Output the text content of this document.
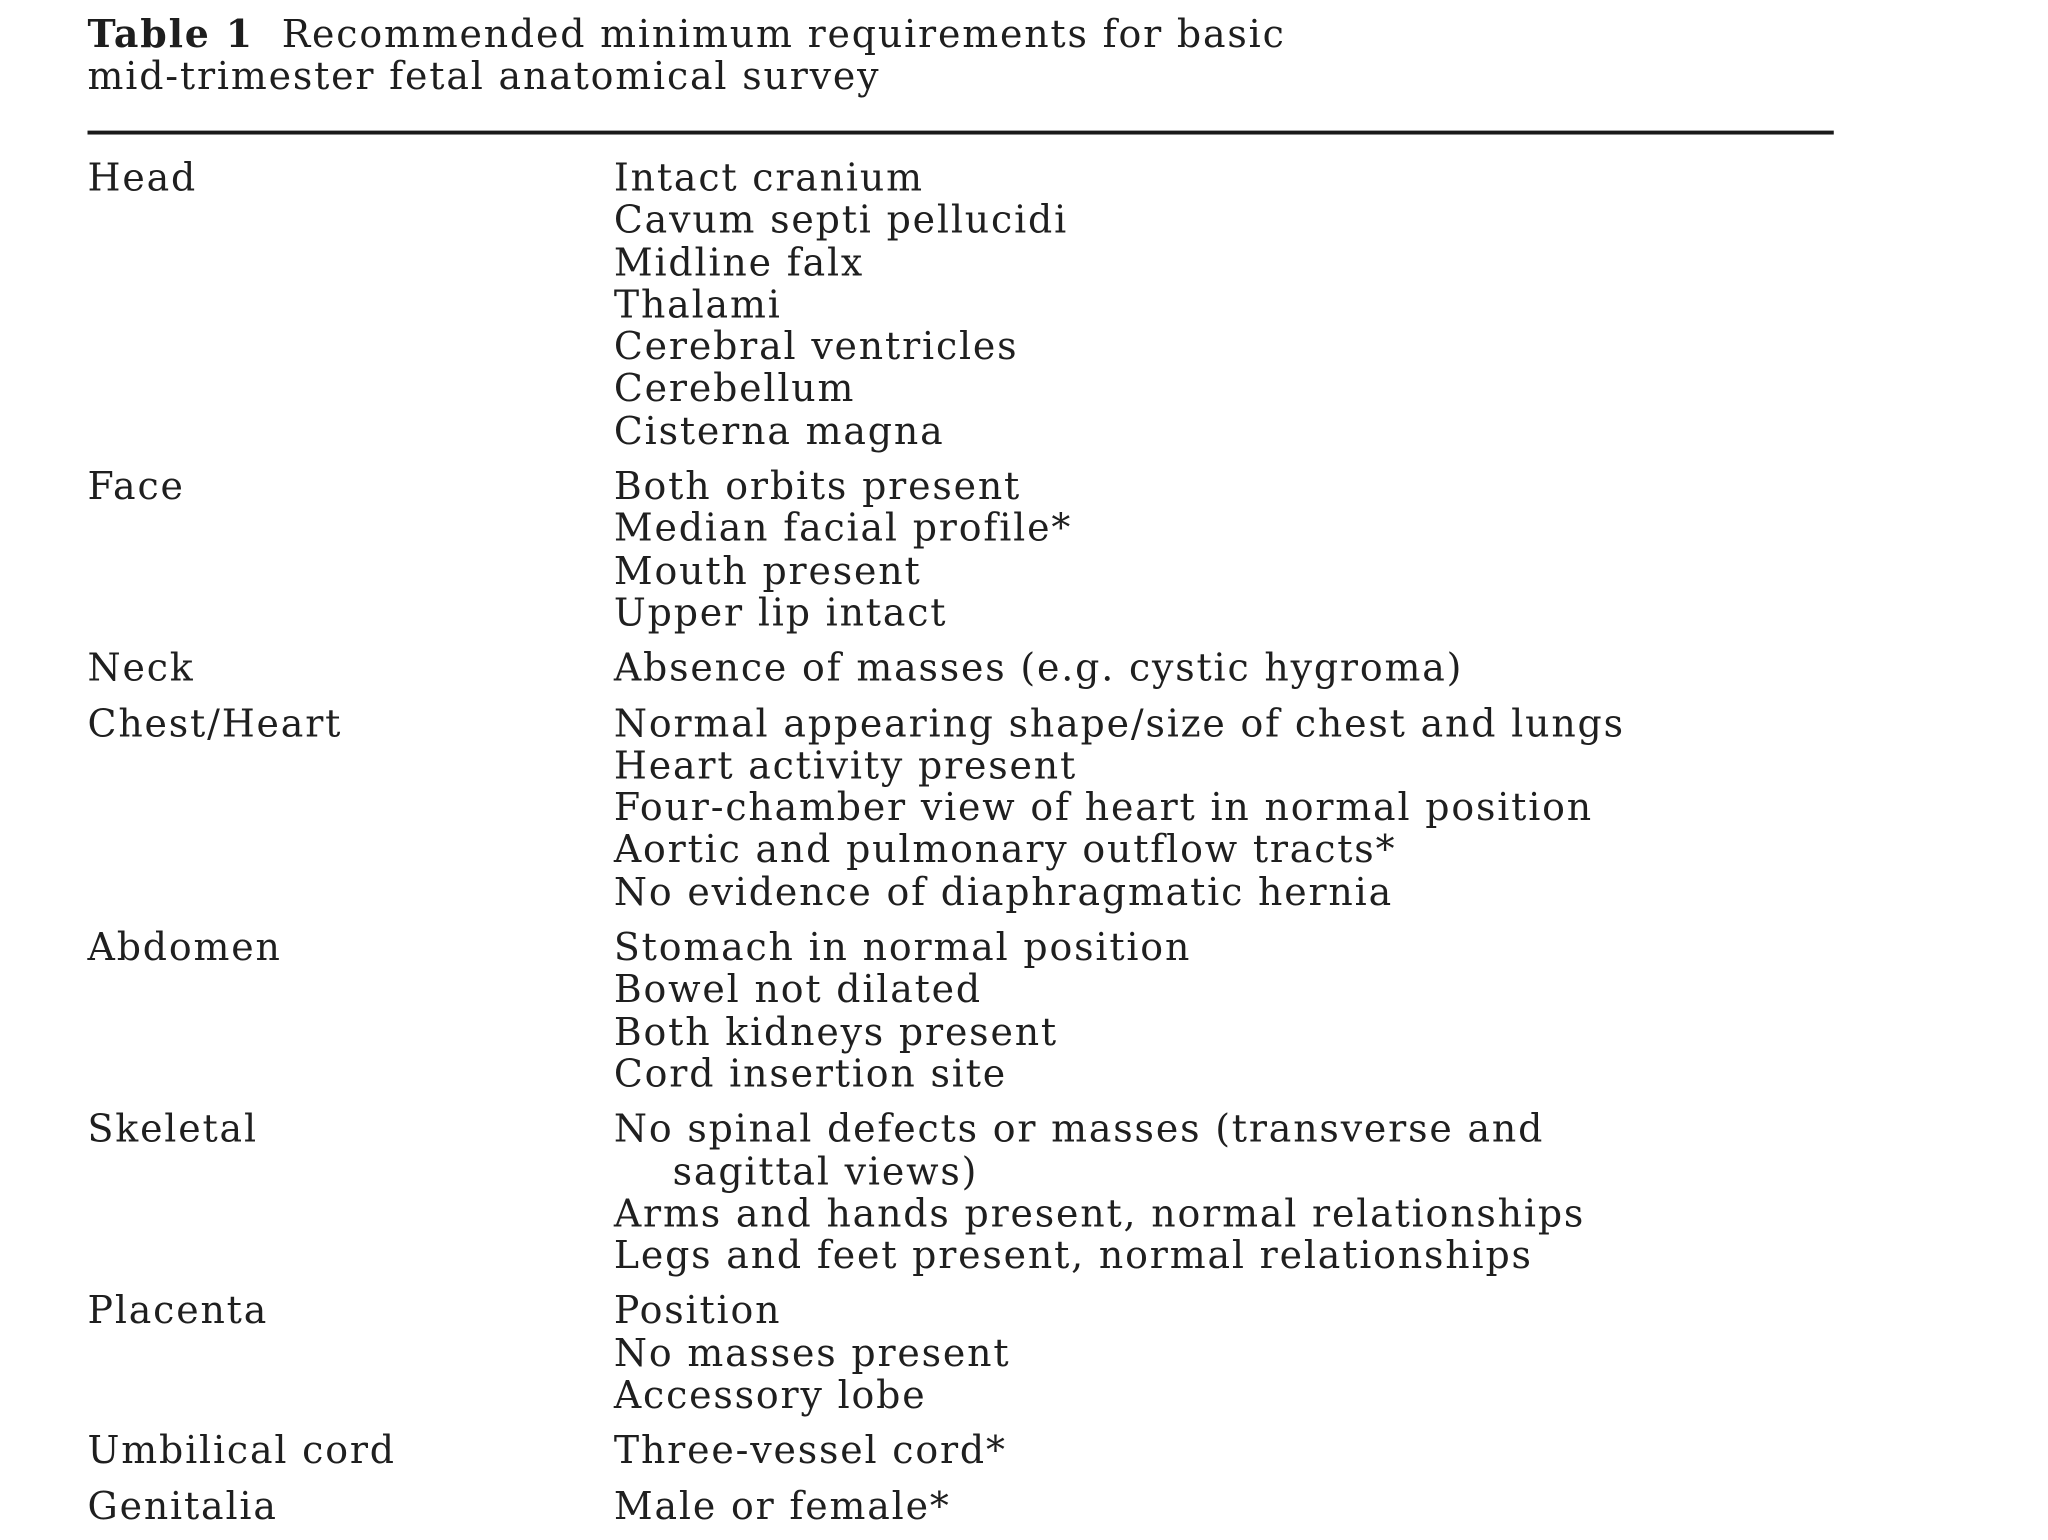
Table 1 Recommended minimum requirements for basic
mid-trimester fetal anatomical survey
Head	Intact cranium
Cavum septi pellucidi
Midline falx
Thalami
Cerebral ventricles
Cerebellum
Cisterna magna
Face	Both orbits present
Median facial profile*
Mouth present
Upper lip intact
Neck	Absence of masses (e.g. cystic hygroma)
Chest/Heart	Normal appearing shape/size of chest and lungs
Heart activity present
Four-chamber view of heart in normal position
Aortic and pulmonary outflow tracts*
No evidence of diaphragmatic hernia
Abdomen	Stomach in normal position
Bowel not dilated
Both kidneys present
Cord insertion site
Skeletal	No spinal defects or masses (transverse and
sagittal views)
Arms and hands present, normal relationships
Legs and feet present, normal relationships
Placenta	Position
No masses present
Accessory lobe
Umbilical cord	Three-vessel cord*
Genitalia	Male or female*
